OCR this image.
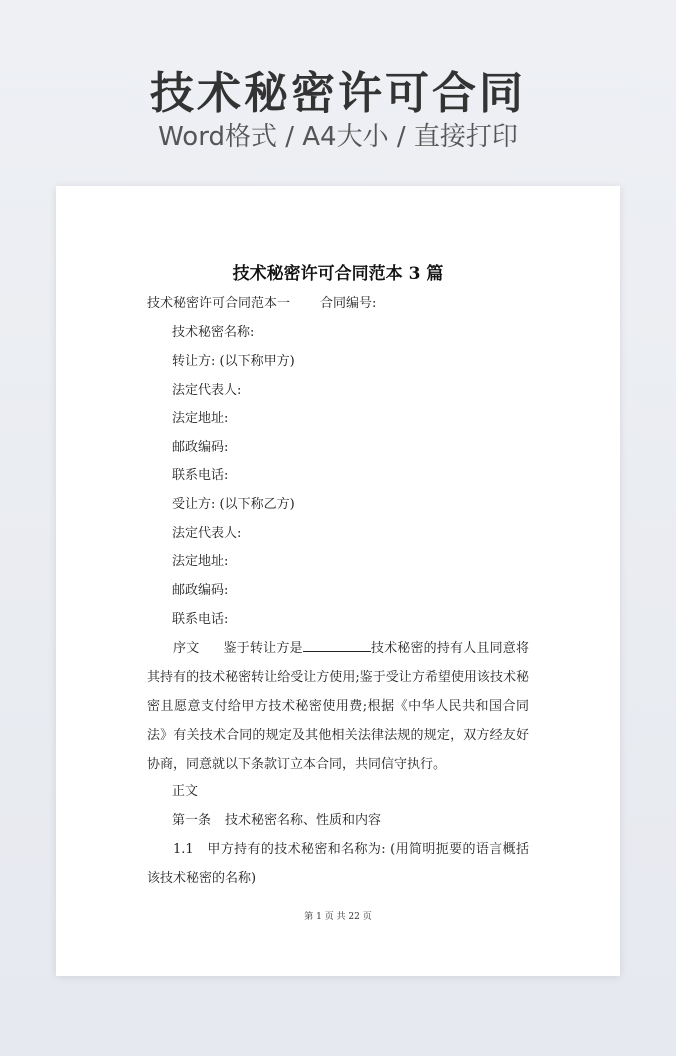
技术秘密许可合同
Word格式 / A4大小 / 直接打印
技术秘密许可合同范本 3 篇
技术秘密许可合同范本一 合同编号:
技术秘密名称:
转让方: (以下称甲方)
法定代表人:
法定地址:
邮政编码:
联系电话:
受让方: (以下称乙方)
法定代表人:
法定地址:
邮政编码:
联系电话:
序文 鉴于转让方是	技术秘密的持有人且同意将其持有的技术秘密转让给受让方使用;鉴于受让方希望使用该技术秘密且愿意支付给甲方技术秘密使用费;根据《中华人民共和国合同法》有关技术合同的规定及其他相关法律法规的规定，双方经友好协商，同意就以下条款订立本合同，共同信守执行。
正文
第一条 技术秘密名称、性质和内容
1.1　甲方持有的技术秘密和名称为: (用简明扼要的语言概括该技术秘密的名称)
第 1 页 共 22 页
